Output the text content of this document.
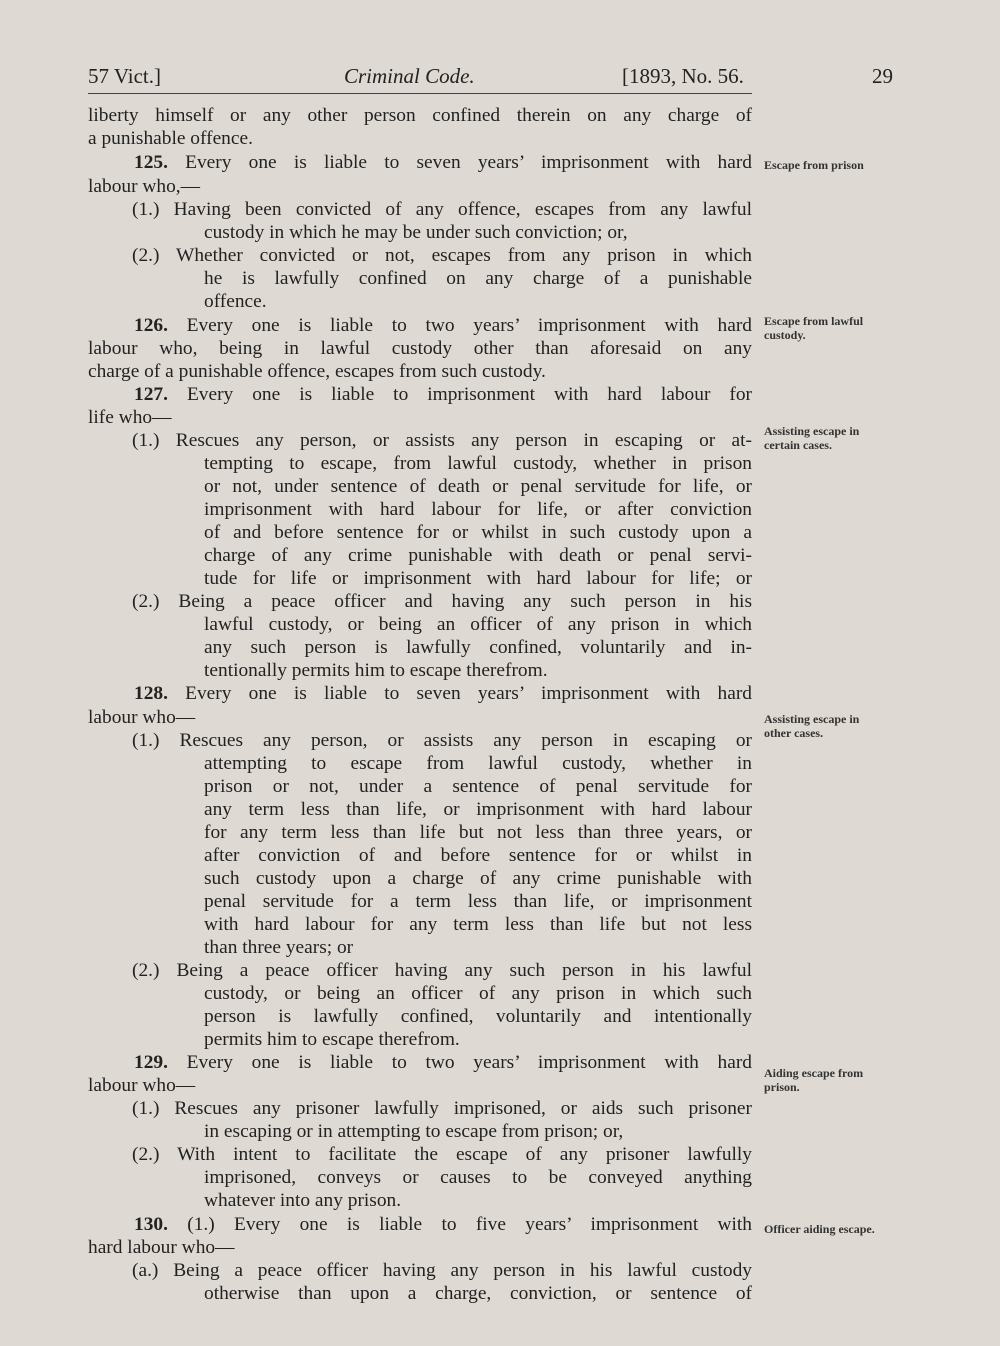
57 Vict.]	Criminal Code.	[1893, No. 56.	29
liberty himself or any other person confined therein on any charge of
a punishable offence.
125. Every one is liable to seven years’ imprisonment with hard
labour who,—
(1.) Having been convicted of any offence, escapes from any lawful
custody in which he may be under such conviction; or,
(2.) Whether convicted or not, escapes from any prison in which
he is lawfully confined on any charge of a punishable
offence.
126. Every one is liable to two years’ imprisonment with hard
labour who, being in lawful custody other than aforesaid on any
charge of a punishable offence, escapes from such custody.
127. Every one is liable to imprisonment with hard labour for
life who—
(1.) Rescues any person, or assists any person in escaping or at-
tempting to escape, from lawful custody, whether in prison
or not, under sentence of death or penal servitude for life, or
imprisonment with hard labour for life, or after conviction
of and before sentence for or whilst in such custody upon a
charge of any crime punishable with death or penal servi-
tude for life or imprisonment with hard labour for life; or
(2.) Being a peace officer and having any such person in his
lawful custody, or being an officer of any prison in which
any such person is lawfully confined, voluntarily and in-
tentionally permits him to escape therefrom.
128. Every one is liable to seven years’ imprisonment with hard
labour who—
(1.) Rescues any person, or assists any person in escaping or
attempting to escape from lawful custody, whether in
prison or not, under a sentence of penal servitude for
any term less than life, or imprisonment with hard labour
for any term less than life but not less than three years, or
after conviction of and before sentence for or whilst in
such custody upon a charge of any crime punishable with
penal servitude for a term less than life, or imprisonment
with hard labour for any term less than life but not less
than three years; or
(2.) Being a peace officer having any such person in his lawful
custody, or being an officer of any prison in which such
person is lawfully confined, voluntarily and intentionally
permits him to escape therefrom.
129. Every one is liable to two years’ imprisonment with hard
labour who—
(1.) Rescues any prisoner lawfully imprisoned, or aids such prisoner
in escaping or in attempting to escape from prison; or,
(2.) With intent to facilitate the escape of any prisoner lawfully
imprisoned, conveys or causes to be conveyed anything
whatever into any prison.
130. (1.) Every one is liable to five years’ imprisonment with
hard labour who—
(a.) Being a peace officer having any person in his lawful custody
otherwise than upon a charge, conviction, or sentence of
Escape from prison
Escape from lawful custody.
Assisting escape in certain cases.
Assisting escape in other cases.
Aiding escape from prison.
Officer aiding escape.
